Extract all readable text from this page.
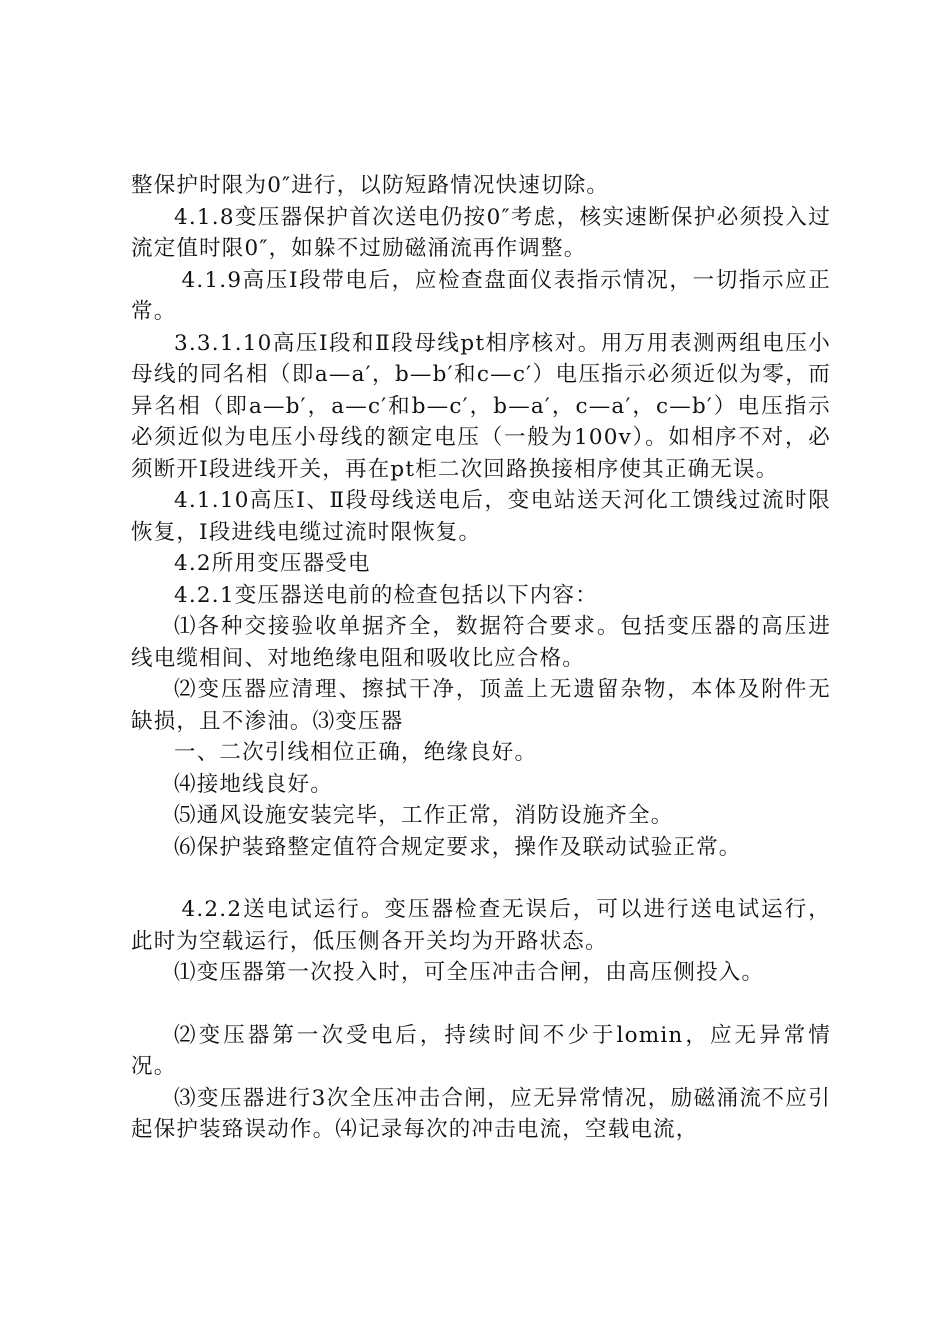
整保护时限为0″进行，以防短路情况快速切除。

4.1.8变压器保护首次送电仍按0″考虑，核实速断保护必须投入过流定值时限0″，如躲不过励磁涌流再作调整。

4.1.9高压Ⅰ段带电后，应检查盘面仪表指示情况，一切指示应正常。

3.3.1.10高压Ⅰ段和Ⅱ段母线pt相序核对。用万用表测两组电压小母线的同名相（即a—a′，b—b′和c—c′）电压指示必须近似为零，而异名相（即a—b′，a—c′和b—c′，b—a′，c—a′，c—b′）电压指示必须近似为电压小母线的额定电压（一般为100v）。如相序不对，必须断开Ⅰ段进线开关，再在pt柜二次回路换接相序使其正确无误。

4.1.10高压Ⅰ、Ⅱ段母线送电后，变电站送天河化工馈线过流时限恢复，Ⅰ段进线电缆过流时限恢复。

4.2所用变压器受电

4.2.1变压器送电前的检查包括以下内容：

⑴各种交接验收单据齐全，数据符合要求。包括变压器的高压进线电缆相间、对地绝缘电阻和吸收比应合格。

⑵变压器应清理、擦拭干净，顶盖上无遗留杂物，本体及附件无缺损，且不渗油。⑶变压器

一、二次引线相位正确，绝缘良好。

⑷接地线良好。

⑸通风设施安装完毕，工作正常，消防设施齐全。

⑹保护装臵整定值符合规定要求，操作及联动试验正常。

4.2.2送电试运行。变压器检查无误后，可以进行送电试运行，此时为空载运行，低压侧各开关均为开路状态。

⑴变压器第一次投入时，可全压冲击合闸，由高压侧投入。

⑵变压器第一次受电后，持续时间不少于lomin，应无异常情况。

⑶变压器进行3次全压冲击合闸，应无异常情况，励磁涌流不应引起保护装臵误动作。⑷记录每次的冲击电流，空载电流，
